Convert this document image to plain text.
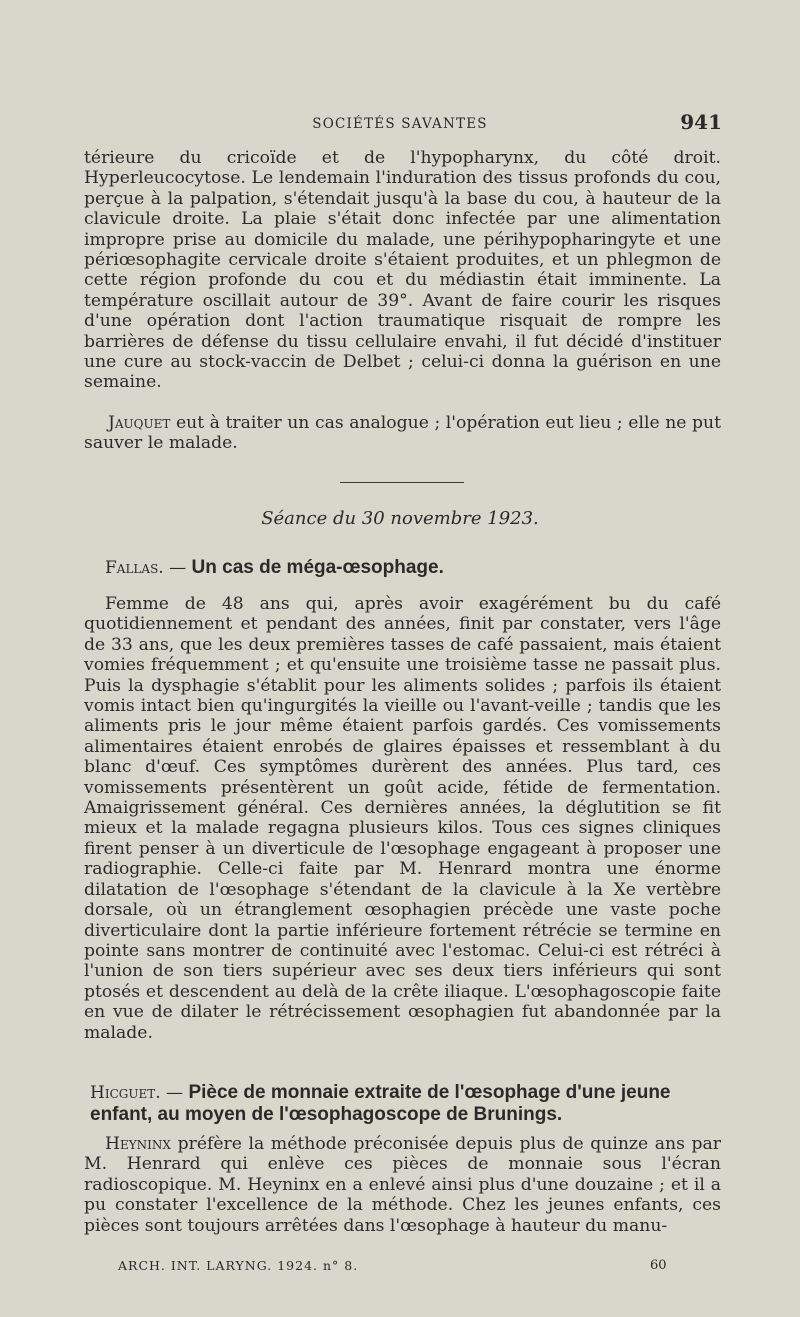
SOCIÉTÉS SAVANTES	941
térieure du cricoïde et de l'hypopharynx, du côté droit. Hyperleucocytose. Le lendemain l'induration des tissus profonds du cou, perçue à la palpation, s'étendait jusqu'à la base du cou, à hauteur de la clavicule droite. La plaie s'était donc infectée par une alimentation impropre prise au domicile du malade, une périhypopharingyte et une périœsophagite cervicale droite s'étaient produites, et un phlegmon de cette région profonde du cou et du médiastin était imminente. La température oscillait autour de 39°. Avant de faire courir les risques d'une opération dont l'action traumatique risquait de rompre les barrières de défense du tissu cellulaire envahi, il fut décidé d'instituer une cure au stock-vaccin de Delbet ; celui-ci donna la guérison en une semaine.
Jauquet eut à traiter un cas analogue ; l'opération eut lieu ; elle ne put sauver le malade.
Séance du 30 novembre 1923.
Fallas. — Un cas de méga-œsophage.
Femme de 48 ans qui, après avoir exagérément bu du café quotidiennement et pendant des années, finit par constater, vers l'âge de 33 ans, que les deux premières tasses de café passaient, mais étaient vomies fréquemment ; et qu'ensuite une troisième tasse ne passait plus. Puis la dysphagie s'établit pour les aliments solides ; parfois ils étaient vomis intact bien qu'ingurgités la vieille ou l'avant-veille ; tandis que les aliments pris le jour même étaient parfois gardés. Ces vomissements alimentaires étaient enrobés de glaires épaisses et ressemblant à du blanc d'œuf. Ces symptômes durèrent des années. Plus tard, ces vomissements présentèrent un goût acide, fétide de fermentation. Amaigrissement général. Ces dernières années, la déglutition se fit mieux et la malade regagna plusieurs kilos. Tous ces signes cliniques firent penser à un diverticule de l'œsophage engageant à proposer une radiographie. Celle-ci faite par M. Henrard montra une énorme dilatation de l'œsophage s'étendant de la clavicule à la Xe vertèbre dorsale, où un étranglement œsophagien précède une vaste poche diverticulaire dont la partie inférieure fortement rétrécie se termine en pointe sans montrer de continuité avec l'estomac. Celui-ci est rétréci à l'union de son tiers supérieur avec ses deux tiers inférieurs qui sont ptosés et descendent au delà de la crête iliaque. L'œsophagoscopie faite en vue de dilater le rétrécissement œsophagien fut abandonnée par la malade.
Hicguet. — Pièce de monnaie extraite de l'œsophage d'une jeune enfant, au moyen de l'œsophagoscope de Brunings.
Heyninx préfère la méthode préconisée depuis plus de quinze ans par M. Henrard qui enlève ces pièces de monnaie sous l'écran radioscopique. M. Heyninx en a enlevé ainsi plus d'une douzaine ; et il a pu constater l'excellence de la méthode. Chez les jeunes enfants, ces pièces sont toujours arrêtées dans l'œsophage à hauteur du manu-
ARCH. INT. LARYNG. 1924. n° 8.	60
